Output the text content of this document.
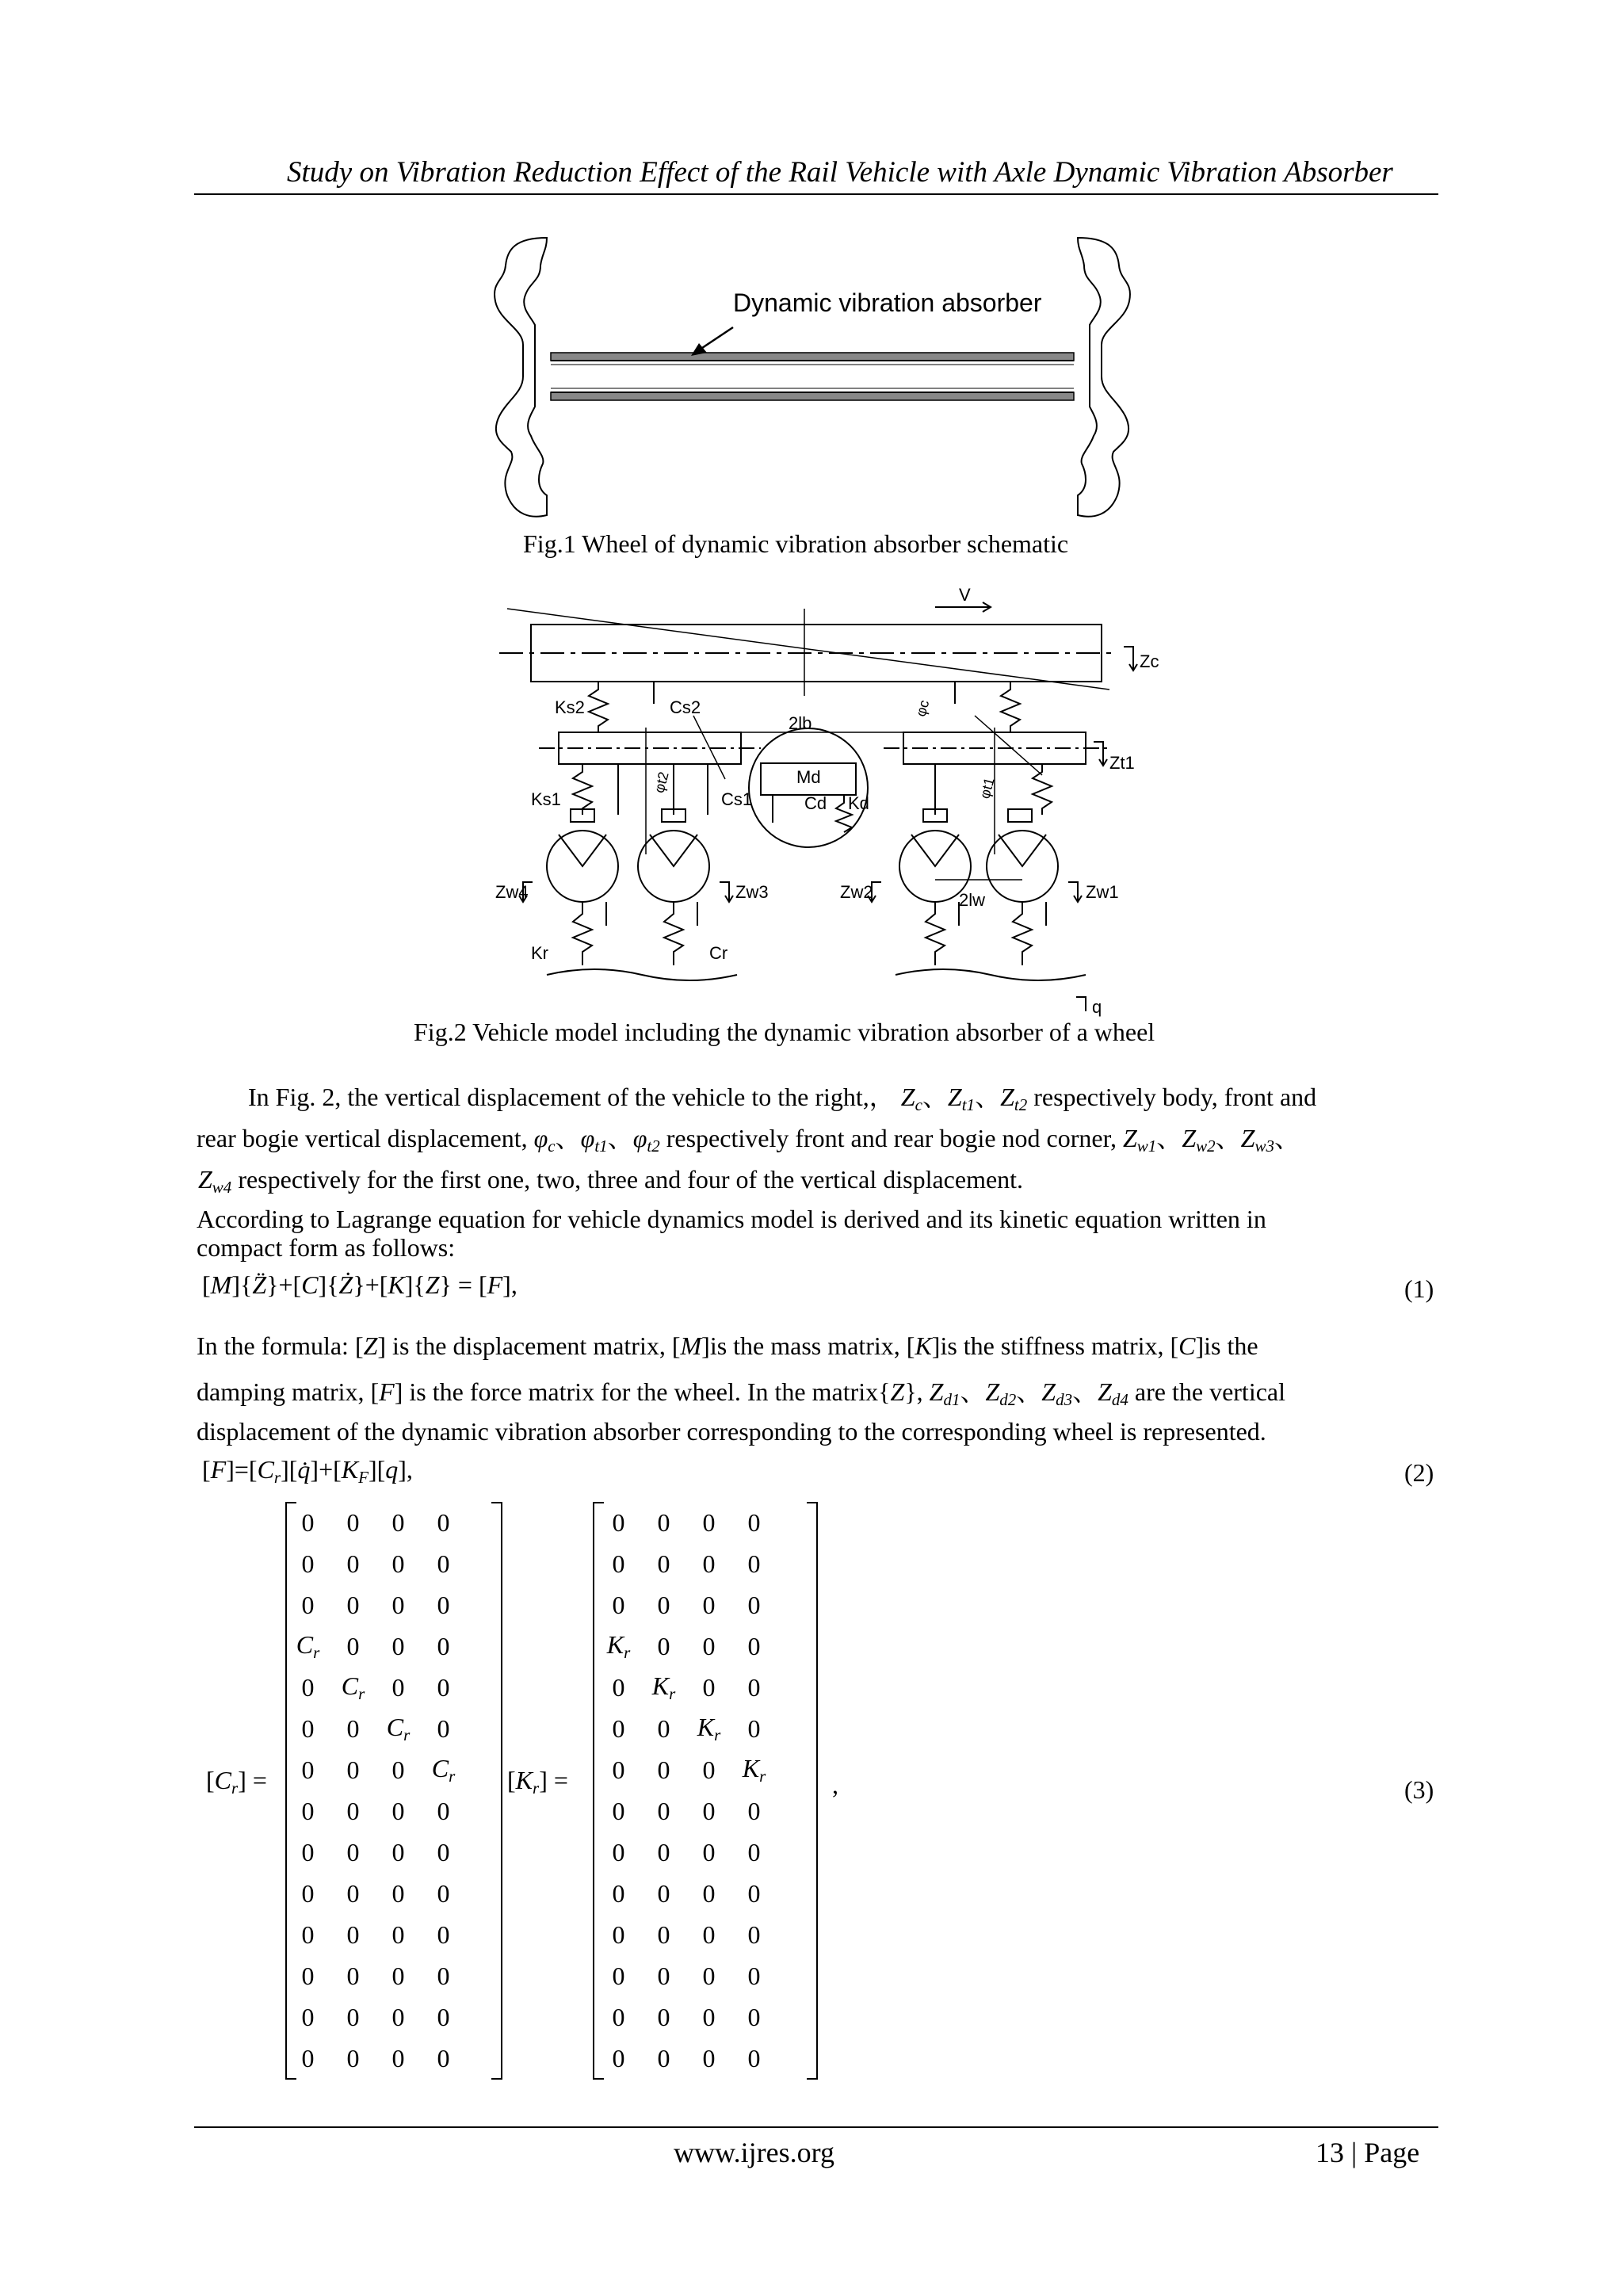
Study on Vibration Reduction Effect of the Rail Vehicle with Axle Dynamic Vibration Absorber
Dynamic vibration absorber
Fig.1 Wheel of dynamic vibration absorber schematic
V
Zc
Ks2	Cs2
2lb
Zt1
Ks1	Cs1
Md
Cd Kd
φc
φt2	φt1
Zw4	Zw3	Zw2	Zw1
2lw
Kr	Cr
q
Fig.2 Vehicle model including the dynamic vibration absorber of a wheel
In Fig. 2, the vertical displacement of the vehicle to the right,， $Z_c$、$Z_{t1}$、$Z_{t2}$ respectively body, front and
rear bogie vertical displacement, $\varphi_c$、$\varphi_{t1}$、$\varphi_{t2}$ respectively front and rear bogie nod corner, $Z_{w1}$、$Z_{w2}$、$Z_{w3}$、
$Z_{w4}$ respectively for the first one, two, three and four of the vertical displacement.
According to Lagrange equation for vehicle dynamics model is derived and its kinetic equation written in
compact form as follows:
[M]{Z̈}+[C]{Ż}+[K]{Z} = [F],	(1)
In the formula: [Z] is the displacement matrix, [M]is the mass matrix, [K]is the stiffness matrix, [C]is the
damping matrix, [F] is the force matrix for the wheel. In the matrix{Z}, $Z_{d1}$、$Z_{d2}$、$Z_{d3}$、$Z_{d4}$ are the vertical
displacement of the dynamic vibration absorber corresponding to the corresponding wheel is represented.
$[F]=[C_r][q̇]+[K_F][q]$,	(2)
$[C_r]$ =
0	0	0	0
0	0	0	0
0	0	0	0
$C_r$	0	0	0
0	$C_r$	0	0
0	0	$C_r$	0
0	0	0	$C_r$
0	0	0	0
0	0	0	0
0	0	0	0
0	0	0	0
0	0	0	0
0	0	0	0
0	0	0	0
$[K_r]$ =
0	0	0	0
0	0	0	0
0	0	0	0
$K_r$	0	0	0
0	$K_r$	0	0
0	0	$K_r$	0
0	0	0	$K_r$
0	0	0	0
0	0	0	0
0	0	0	0
0	0	0	0
0	0	0	0
0	0	0	0
0	0	0	0
,	(3)
www.ijres.org	13 | Page
